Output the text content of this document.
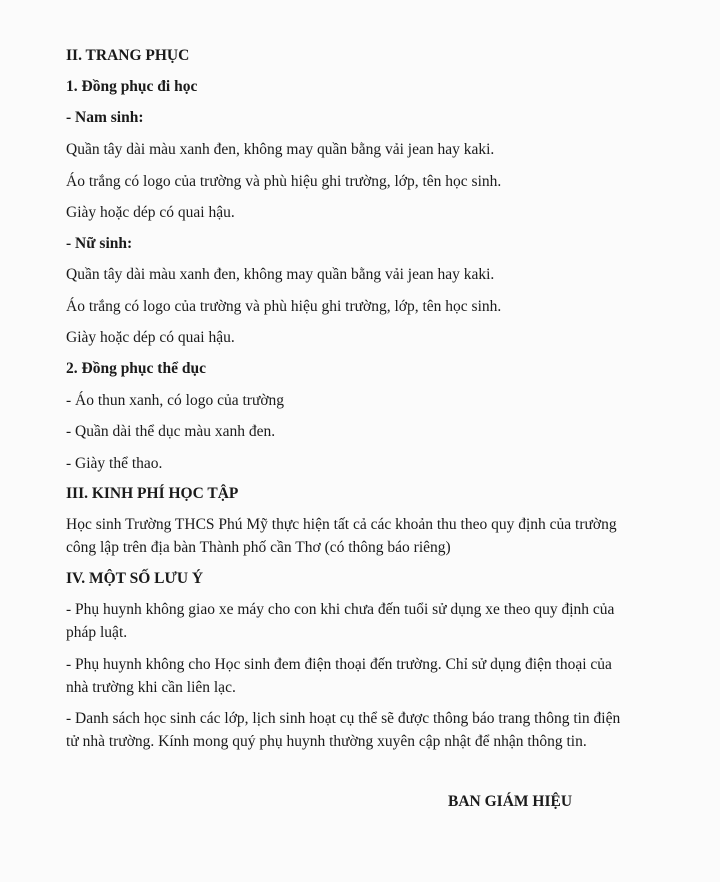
II. TRANG PHỤC

1. Đồng phục đi học

- Nam sinh:

Quần tây dài màu xanh đen, không may quần bằng vải jean hay kaki.

Áo trắng có logo của trường và phù hiệu ghi trường, lớp, tên học sinh.

Giày hoặc dép có quai hậu.

- Nữ sinh:

Quần tây dài màu xanh đen, không may quần bằng vải jean hay kaki.

Áo trắng có logo của trường và phù hiệu ghi trường, lớp, tên học sinh.

Giày hoặc dép có quai hậu.

2. Đồng phục thể dục

- Áo thun xanh, có logo của trường

- Quần dài thể dục màu xanh đen.

- Giày thể thao.

III. KINH PHÍ HỌC TẬP

Học sinh Trường THCS Phú Mỹ thực hiện tất cả các khoản thu theo quy định của trường

công lập trên địa bàn Thành phố cần Thơ (có thông báo riêng)

IV. MỘT SỐ LƯU Ý

- Phụ huynh không giao xe máy cho con khi chưa đến tuổi sử dụng xe theo quy định của

pháp luật.

- Phụ huynh không cho Học sinh đem điện thoại đến trường. Chỉ sử dụng điện thoại của

nhà trường khi cần liên lạc.

- Danh sách học sinh các lớp, lịch sinh hoạt cụ thể sẽ được thông báo trang thông tin điện

tử nhà trường. Kính mong quý phụ huynh thường xuyên cập nhật để nhận thông tin.

BAN GIÁM HIỆU
